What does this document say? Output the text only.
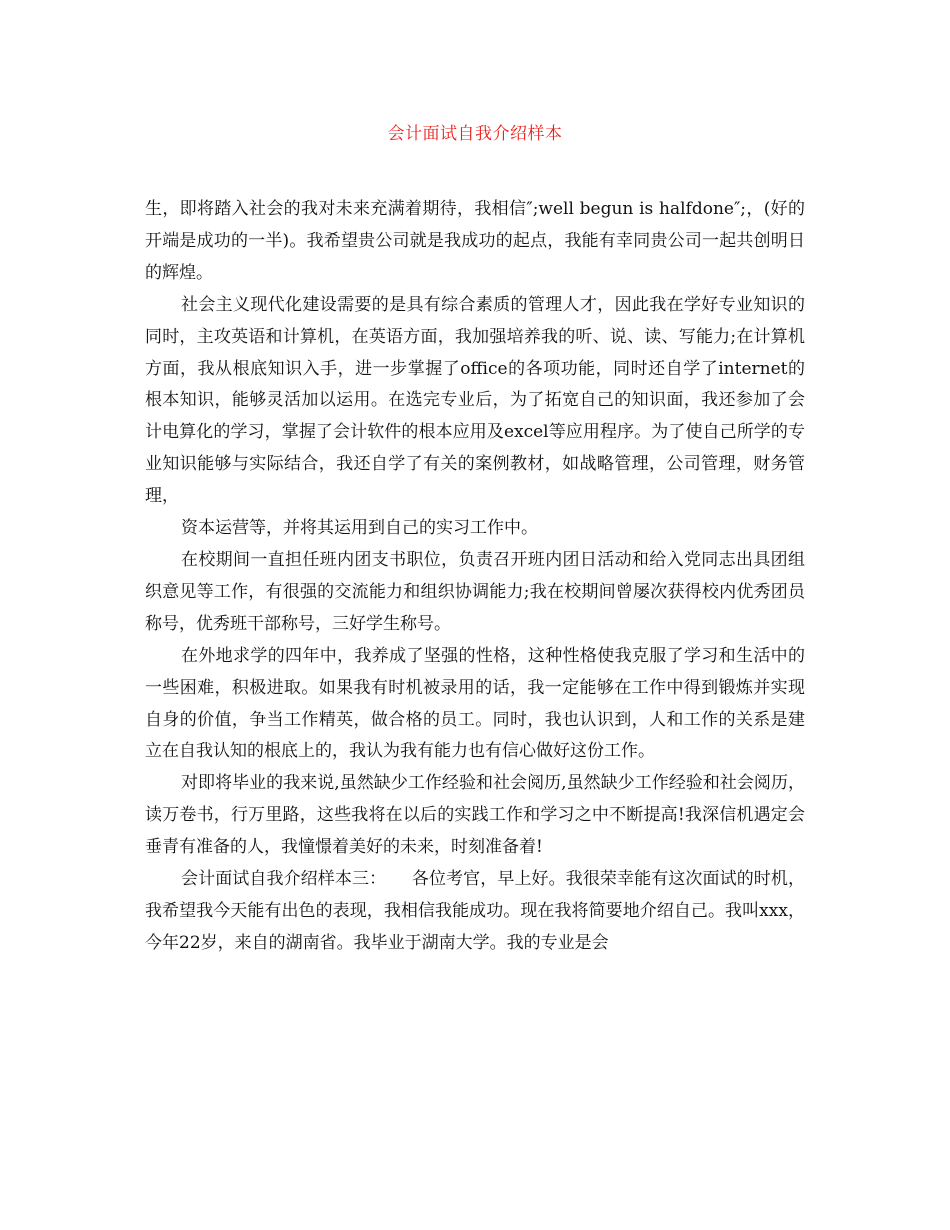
会计面试自我介绍样本

生，即将踏入社会的我对未来充满着期待，我相信″;well begun is halfdone″;，(好的开端是成功的一半)。我希望贵公司就是我成功的起点，我能有幸同贵公司一起共创明日的辉煌。

社会主义现代化建设需要的是具有综合素质的管理人才，因此我在学好专业知识的同时，主攻英语和计算机，在英语方面，我加强培养我的听、说、读、写能力;在计算机方面，我从根底知识入手，进一步掌握了office的各项功能，同时还自学了internet的根本知识，能够灵活加以运用。在选完专业后，为了拓宽自己的知识面，我还参加了会计电算化的学习，掌握了会计软件的根本应用及excel等应用程序。为了使自己所学的专业知识能够与实际结合，我还自学了有关的案例教材，如战略管理，公司管理，财务管理，

资本运营等，并将其运用到自己的实习工作中。

在校期间一直担任班内团支书职位，负责召开班内团日活动和给入党同志出具团组织意见等工作，有很强的交流能力和组织协调能力;我在校期间曾屡次获得校内优秀团员称号，优秀班干部称号，三好学生称号。

在外地求学的四年中，我养成了坚强的性格，这种性格使我克服了学习和生活中的一些困难，积极进取。如果我有时机被录用的话，我一定能够在工作中得到锻炼并实现自身的价值，争当工作精英，做合格的员工。同时，我也认识到，人和工作的关系是建立在自我认知的根底上的，我认为我有能力也有信心做好这份工作。

对即将毕业的我来说,虽然缺少工作经验和社会阅历,虽然缺少工作经验和社会阅历，读万卷书，行万里路，这些我将在以后的实践工作和学习之中不断提高!我深信机遇定会垂青有准备的人，我憧憬着美好的未来，时刻准备着!

会计面试自我介绍样本三：　　各位考官，早上好。我很荣幸能有这次面试的时机，我希望我今天能有出色的表现，我相信我能成功。现在我将简要地介绍自己。我叫xxx，今年22岁，来自的湖南省。我毕业于湖南大学。我的专业是会
